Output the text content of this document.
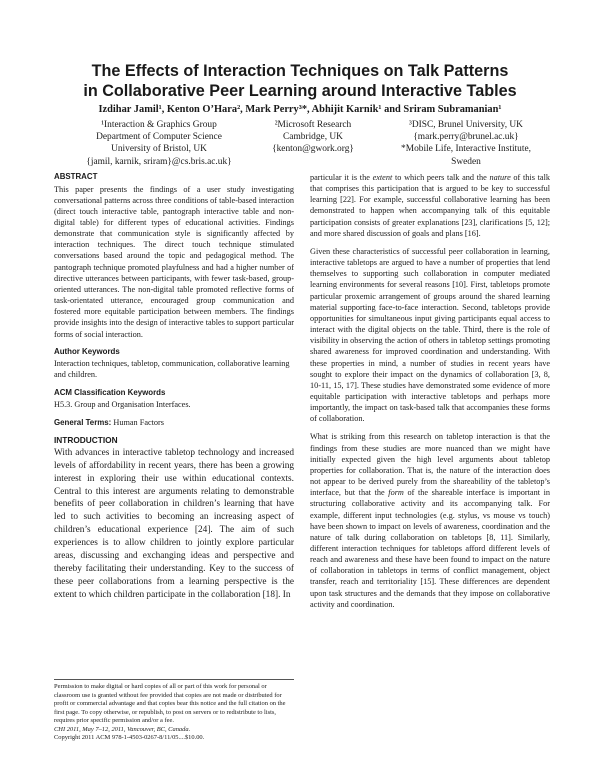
The Effects of Interaction Techniques on Talk Patterns
in Collaborative Peer Learning around Interactive Tables
Izdihar Jamil¹, Kenton O’Hara², Mark Perry³*, Abhijit Karnik¹ and Sriram Subramanian¹
¹Interaction & Graphics Group
Department of Computer Science
University of Bristol, UK
{jamil, karnik, sriram}@cs.bris.ac.uk}
²Microsoft Research
Cambridge, UK
{kenton@gwork.org}
³DISC, Brunel University, UK
{mark.perry@brunel.ac.uk}
*Mobile Life, Interactive Institute,
Sweden
ABSTRACT

This paper presents the findings of a user study investigating conversational patterns across three conditions of table-based interaction (direct touch interactive table, pantograph interactive table and non-digital table) for different types of educational activities. Findings demonstrate that communication style is significantly affected by interaction techniques. The direct touch technique stimulated conversations based around the topic and pedagogical method. The pantograph technique promoted playfulness and had a higher number of directive utterances between participants, with fewer task-based, group-oriented utterances. The non-digital table promoted reflective forms of task-orientated utterance, encouraged group communication and fostered more equitable participation between members. The findings provide insights into the design of interactive tables to support particular forms of social interaction.

Author Keywords

Interaction techniques, tabletop, communication, collaborative learning and children.

ACM Classification Keywords

H5.3. Group and Organisation Interfaces.

General Terms: Human Factors

INTRODUCTION

With advances in interactive tabletop technology and increased levels of affordability in recent years, there has been a growing interest in exploring their use within educational contexts. Central to this interest are arguments relating to demonstrable benefits of peer collaboration in children’s learning that have led to such activities to becoming an increasing aspect of children’s educational experience [24]. The aim of such experiences is to allow children to jointly explore particular areas, discussing and exchanging ideas and perspective and thereby facilitating their understanding. Key to the success of these peer collaborations from a learning perspective is the extent to which children participate in the collaboration [18]. In

Permission to make digital or hard copies of all or part of this work for personal or classroom use is granted without fee provided that copies are not made or distributed for profit or commercial advantage and that copies bear this notice and the full citation on the first page. To copy otherwise, or republish, to post on servers or to redistribute to lists, requires prior specific permission and/or a fee.

CHI 2011, May 7–12, 2011, Vancouver, BC, Canada.

Copyright 2011 ACM 978-1-4503-0267-8/11/05....$10.00.

particular it is the extent to which peers talk and the nature of this talk that comprises this participation that is argued to be key to successful learning [22]. For example, successful collaborative learning has been demonstrated to happen when accompanying talk of this equitable participation consists of greater explanations [23], clarifications [5, 12]; and more shared discussion of goals and plans [16].

Given these characteristics of successful peer collaboration in learning, interactive tabletops are argued to have a number of properties that lend themselves to supporting such collaboration in computer mediated learning environments for several reasons [10]. First, tabletops promote particular proxemic arrangement of groups around the shared learning material supporting face-to-face interaction. Second, tabletops provide opportunities for simultaneous input giving participants equal access to interact with the digital objects on the table. Third, there is the role of visibility in observing the action of others in tabletop settings promoting shared awareness for improved coordination and understanding. With these properties in mind, a number of studies in recent years have sought to explore their impact on the dynamics of collaboration [3, 8, 10-11, 15, 17]. These studies have demonstrated some evidence of more equitable participation with interactive tabletops and perhaps more importantly, the impact on task-based talk that accompanies these forms of collaboration.

What is striking from this research on tabletop interaction is that the findings from these studies are more nuanced than we might have initially expected given the high level arguments about tabletop properties for collaboration. That is, the nature of the interaction does not appear to be derived purely from the shareability of the tabletop’s interface, but that the form of the shareable interface is important in structuring collaborative activity and its accompanying talk. For example, different input technologies (e.g. stylus, vs mouse vs touch) have been shown to impact on levels of awareness, coordination and the nature of talk during collaboration on tabletops [8, 11]. Similarly, different interaction techniques for tabletops afford different levels of reach and awareness and these have been found to impact on the nature of collaboration in tabletops in terms of conflict management, object transfer, reach and territoriality [15]. These differences are dependent upon task structures and the demands that they impose on collaborative activity and coordination.
